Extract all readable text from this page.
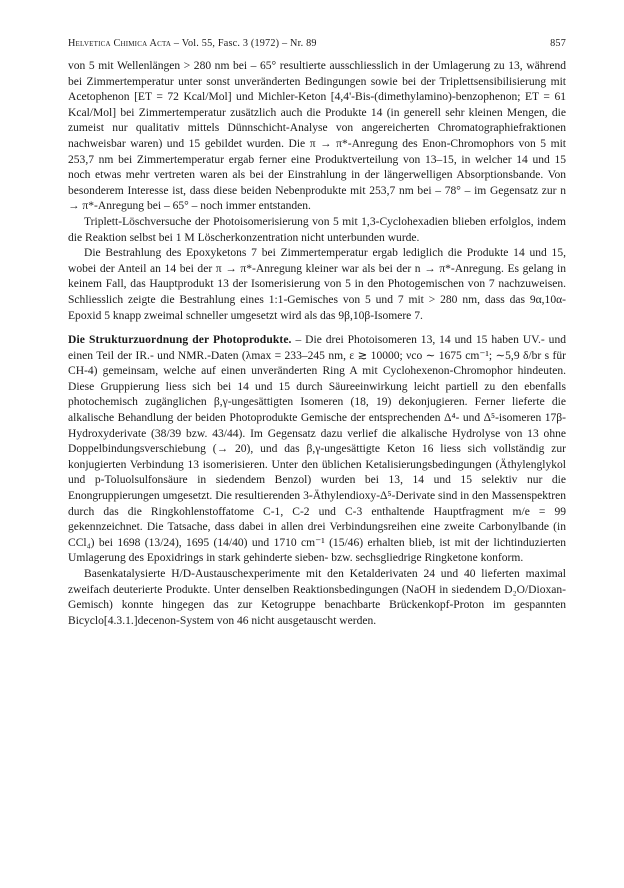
Helvetica Chimica Acta – Vol. 55, Fasc. 3 (1972) – Nr. 89	857

von 5 mit Wellenlängen > 280 nm bei – 65° resultierte ausschliesslich in der Umlagerung zu 13, während bei Zimmertemperatur unter sonst unveränderten Bedingungen sowie bei der Triplettsensibilisierung mit Acetophenon [ET = 72 Kcal/Mol] und Michler-Keton [4,4'-Bis-(dimethylamino)-benzophenon; ET = 61 Kcal/Mol] bei Zimmertemperatur zusätzlich auch die Produkte 14 (in generell sehr kleinen Mengen, die zumeist nur qualitativ mittels Dünnschicht-Analyse von angereicherten Chromatographiefraktionen nachweisbar waren) und 15 gebildet wurden. Die π → π*-Anregung des Enon-Chromophors von 5 mit 253,7 nm bei Zimmertemperatur ergab ferner eine Produktverteilung von 13–15, in welcher 14 und 15 noch etwas mehr vertreten waren als bei der Einstrahlung in der längerwelligen Absorptionsbande. Von besonderem Interesse ist, dass diese beiden Nebenprodukte mit 253,7 nm bei – 78° – im Gegensatz zur n → π*-Anregung bei – 65° – noch immer entstanden.

Triplett-Löschversuche der Photoisomerisierung von 5 mit 1,3-Cyclohexadien blieben erfolglos, indem die Reaktion selbst bei 1 M Löscherkonzentration nicht unterbunden wurde.

Die Bestrahlung des Epoxyketons 7 bei Zimmertemperatur ergab lediglich die Produkte 14 und 15, wobei der Anteil an 14 bei der π → π*-Anregung kleiner war als bei der n → π*-Anregung. Es gelang in keinem Fall, das Hauptprodukt 13 der Isomerisierung von 5 in den Photogemischen von 7 nachzuweisen. Schliesslich zeigte die Bestrahlung eines 1:1-Gemisches von 5 und 7 mit > 280 nm, dass das 9α,10α-Epoxid 5 knapp zweimal schneller umgesetzt wird als das 9β,10β-Isomere 7.

Die Strukturzuordnung der Photoprodukte. – Die drei Photoisomeren 13, 14 und 15 haben UV.- und einen Teil der IR.- und NMR.-Daten (λmax = 233–245 nm, ε ≳ 10000; νco ∼ 1675 cm⁻¹; ∼5,9 δ/br s für CH-4) gemeinsam, welche auf einen unveränderten Ring A mit Cyclohexenon-Chromophor hindeuten. Diese Gruppierung liess sich bei 14 und 15 durch Säureeinwirkung leicht partiell zu den ebenfalls photochemisch zugänglichen β,γ-ungesättigten Isomeren (18, 19) dekonjugieren. Ferner lieferte die alkalische Behandlung der beiden Photoprodukte Gemische der entsprechenden Δ⁴- und Δ⁵-isomeren 17β-Hydroxyderivate (38/39 bzw. 43/44). Im Gegensatz dazu verlief die alkalische Hydrolyse von 13 ohne Doppelbindungsverschiebung (→ 20), und das β,γ-ungesättigte Keton 16 liess sich vollständig zur konjugierten Verbindung 13 isomerisieren. Unter den üblichen Ketalisierungsbedingungen (Äthylenglykol und p-Toluolsulfonsäure in siedendem Benzol) wurden bei 13, 14 und 15 selektiv nur die Enongruppierungen umgesetzt. Die resultierenden 3-Äthylendioxy-Δ⁵-Derivate sind in den Massenspektren durch das die Ringkohlenstoffatome C-1, C-2 und C-3 enthaltende Hauptfragment m/e = 99 gekennzeichnet. Die Tatsache, dass dabei in allen drei Verbindungsreihen eine zweite Carbonylbande (in CCl₄) bei 1698 (13/24), 1695 (14/40) und 1710 cm⁻¹ (15/46) erhalten blieb, ist mit der lichtinduzierten Umlagerung des Epoxidrings in stark gehinderte sieben- bzw. sechsgliedrige Ringketone konform.

Basenkatalysierte H/D-Austauschexperimente mit den Ketalderivaten 24 und 40 lieferten maximal zweifach deuterierte Produkte. Unter denselben Reaktionsbedingungen (NaOH in siedendem D₂O/Dioxan-Gemisch) konnte hingegen das zur Ketogruppe benachbarte Brückenkopf-Proton im gespannten Bicyclo[4.3.1.]decenon-System von 46 nicht ausgetauscht werden.
